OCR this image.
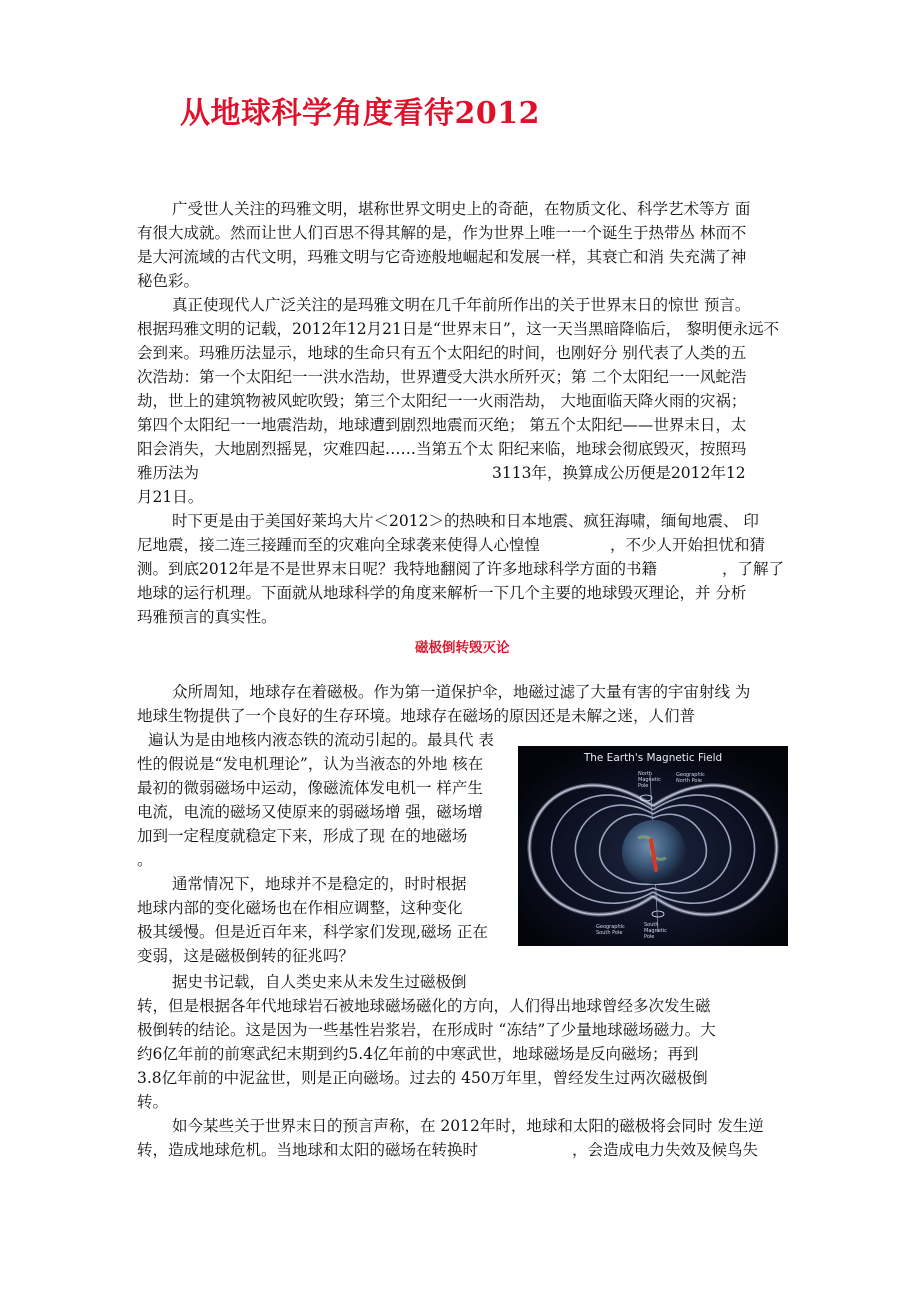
从地球科学角度看待2012
广受世人关注的玛雅文明，堪称世界文明史上的奇葩，在物质文化、科学艺术等方 面
有很大成就。然而让世人们百思不得其解的是，作为世界上唯一一个诞生于热带丛 林而不
是大河流域的古代文明，玛雅文明与它奇迹般地崛起和发展一样，其衰亡和消 失充满了神
秘色彩。
真正使现代人广泛关注的是玛雅文明在几千年前所作出的关于世界末日的惊世 预言。
根据玛雅文明的记载，2012年12月21日是“世界末日”，这一天当黑暗降临后， 黎明便永远不
会到来。玛雅历法显示，地球的生命只有五个太阳纪的时间，也刚好分 别代表了人类的五
次浩劫：第一个太阳纪一一洪水浩劫，世界遭受大洪水所歼灭；第 二个太阳纪一一风蛇浩
劫，世上的建筑物被风蛇吹毁；第三个太阳纪一一火雨浩劫， 大地面临天降火雨的灾祸；
第四个太阳纪一一地震浩劫，地球遭到剧烈地震而灭绝； 第五个太阳纪——世界末日，太
阳会消失，大地剧烈摇晃，灾难四起……当第五个太 阳纪来临，地球会彻底毁灭，按照玛
雅历法为	3113年，换算成公历便是2012年12
月21日。
时下更是由于美国好莱坞大片＜2012＞的热映和日本地震、疯狂海啸，缅甸地震、 印
尼地震，接二连三接踵而至的灾难向全球袭来使得人心惶惶	，不少人开始担忧和猜
测。到底2012年是不是世界末日呢？我特地翻阅了许多地球科学方面的书籍	，了解了
地球的运行机理。下面就从地球科学的角度来解析一下几个主要的地球毁灭理论，并 分析
玛雅预言的真实性。
众所周知，地球存在着磁极。作为第一道保护伞，地磁过滤了大量有害的宇宙射线 为
地球生物提供了一个良好的生存环境。地球存在磁场的原因还是未解之迷，人们普
遍认为是由地核内液态铁的流动引起的。最具代 表
性的假说是“发电机理论”，认为当液态的外地 核在
最初的微弱磁场中运动，像磁流体发电机一 样产生
电流，电流的磁场又使原来的弱磁场增 强，磁场增
加到一定程度就稳定下来，形成了现 在的地磁场
。
通常情况下，地球并不是稳定的，时时根据
地球内部的变化磁场也在作相应调整，这种变化
极其缓慢。但是近百年来，科学家们发现,磁场 正在
变弱，这是磁极倒转的征兆吗？
据史书记载，自人类史来从未发生过磁极倒
转，但是根据各年代地球岩石被地球磁场磁化的方向，人们得出地球曾经多次发生磁
极倒转的结论。这是因为一些基性岩浆岩，在形成时 “冻结”了少量地球磁场磁力。大
约6亿年前的前寒武纪末期到约5.4亿年前的中寒武世，地球磁场是反向磁场；再到
3.8亿年前的中泥盆世，则是正向磁场。过去的 450万年里，曾经发生过两次磁极倒
转。
如今某些关于世界末日的预言声称，在 2012年时，地球和太阳的磁极将会同时 发生逆
转，造成地球危机。当地球和太阳的磁场在转换时	，会造成电力失效及候鸟失
磁极倒转毁灭论
The Earth's Magnetic Field
North
Magnetic
Pole
Geographic
North Pole
Geographic
South Pole
South
Magnetic
Pole
